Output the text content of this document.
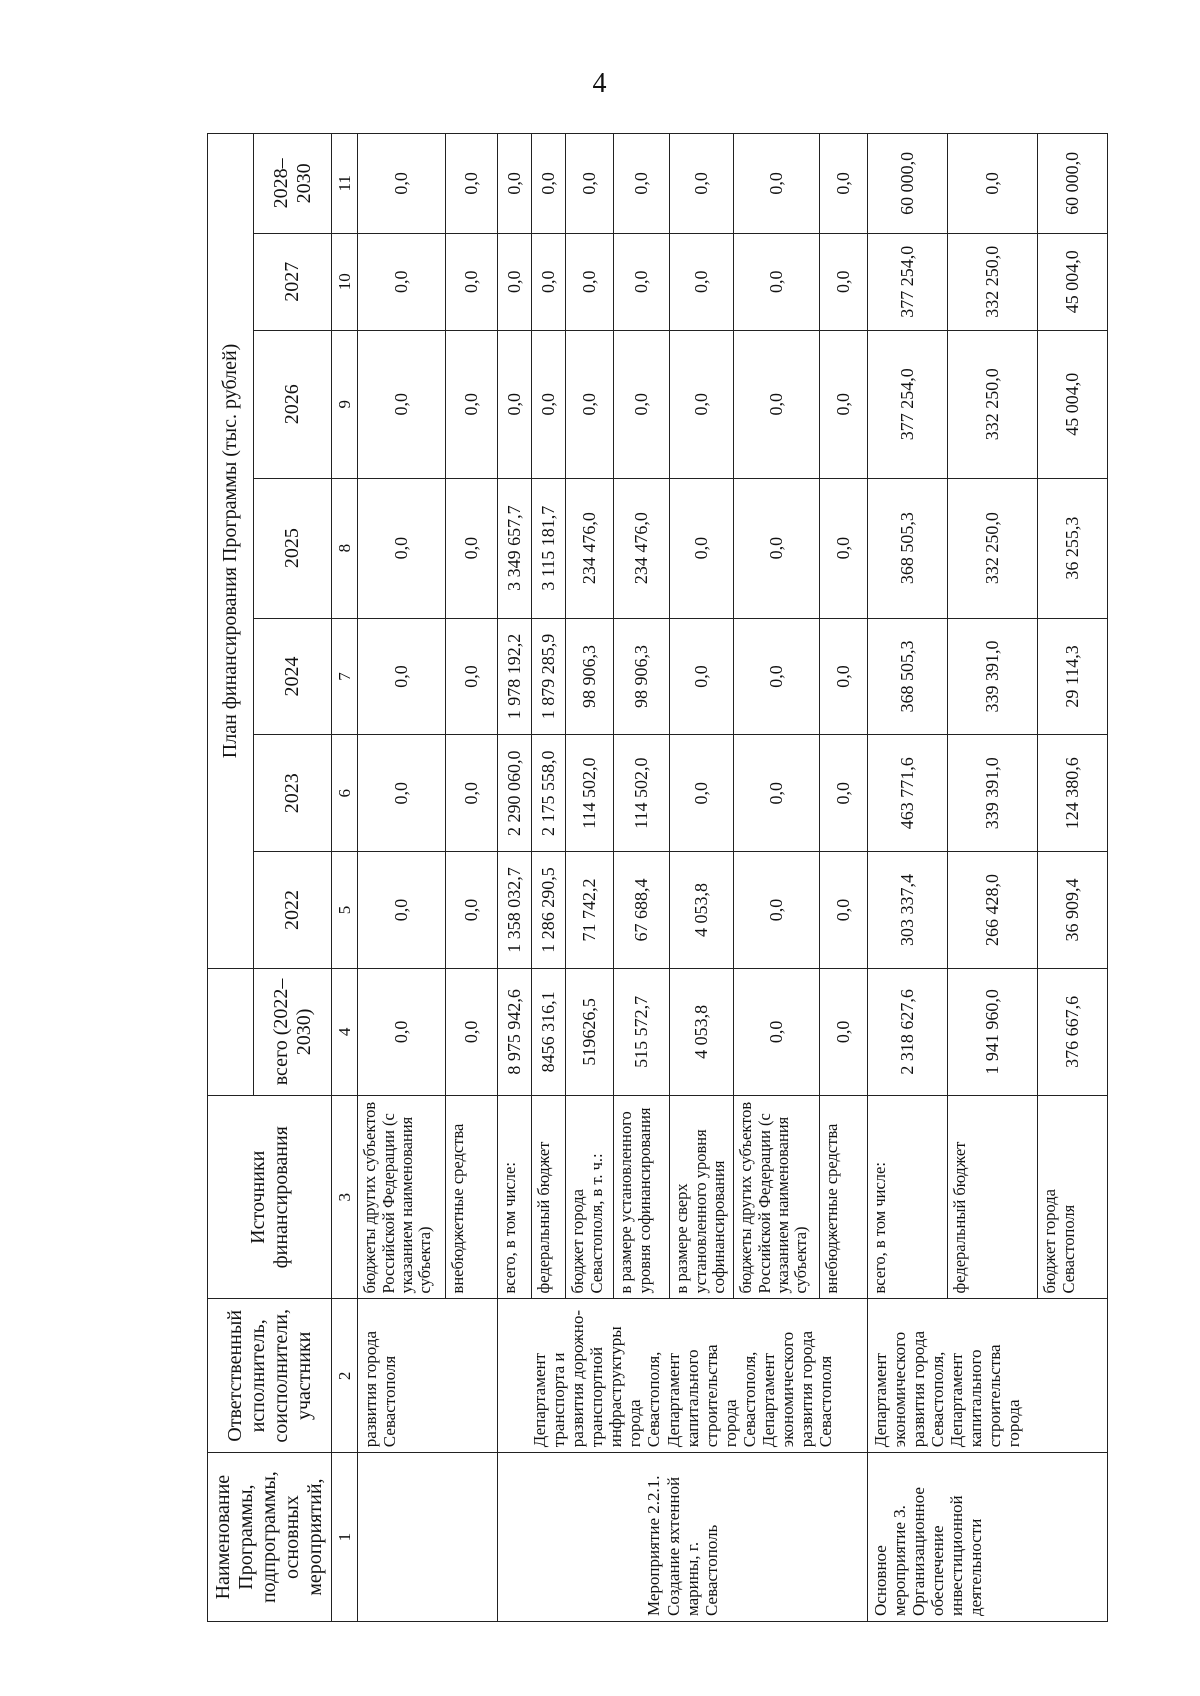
4
Наименование Программы, подпрограммы, основных мероприятий,	Ответственный исполнитель, соисполнители, участники	Источники финансирования		План финансирования Программы (тыс. рублей)						
			всего (2022–2030)	2022	2023	2024	2025	2026	2027	2028–2030
1	2	3	4	5	6	7	8	9	10	11
	развития города Севастополя	бюджеты других субъектов Российской Федерации (с указанием наименования субъекта)	0,0	0,0	0,0	0,0	0,0	0,0	0,0	0,0
		внебюджетные средства	0,0	0,0	0,0	0,0	0,0	0,0	0,0	0,0
Мероприятие 2.2.1. Создание яхтенной марины, г. Севастополь	Департамент транспорта и развития дорожно-транспортной инфраструктуры города Севастополя, Департамент капитального строительства города Севастополя, Департамент экономического развития города Севастополя	всего, в том числе:	8 975 942,6	1 358 032,7	2 290 060,0	1 978 192,2	3 349 657,7	0,0	0,0	0,0
		федеральный бюджет	8456 316,1	1 286 290,5	2 175 558,0	1 879 285,9	3 115 181,7	0,0	0,0	0,0
		бюджет города Севастополя, в т. ч.:	519626,5	71 742,2	114 502,0	98 906,3	234 476,0	0,0	0,0	0,0
		в размере установленного уровня софинансирования	515 572,7	67 688,4	114 502,0	98 906,3	234 476,0	0,0	0,0	0,0
		в размере сверх установленного уровня софинансирования	4 053,8	4 053,8	0,0	0,0	0,0	0,0	0,0	0,0
		бюджеты других субъектов Российской Федерации (с указанием наименования субъекта)	0,0	0,0	0,0	0,0	0,0	0,0	0,0	0,0
		внебюджетные средства	0,0	0,0	0,0	0,0	0,0	0,0	0,0	0,0
Основное мероприятие 3. Организационное обеспечение инвестиционной деятельности	Департамент экономического развития города Севастополя, Департамент капитального строительства города	всего, в том числе:	2 318 627,6	303 337,4	463 771,6	368 505,3	368 505,3	377 254,0	377 254,0	60 000,0
		федеральный бюджет	1 941 960,0	266 428,0	339 391,0	339 391,0	332 250,0	332 250,0	332 250,0	0,0
		бюджет города Севастополя	376 667,6	36 909,4	124 380,6	29 114,3	36 255,3	45 004,0	45 004,0	60 000,0
